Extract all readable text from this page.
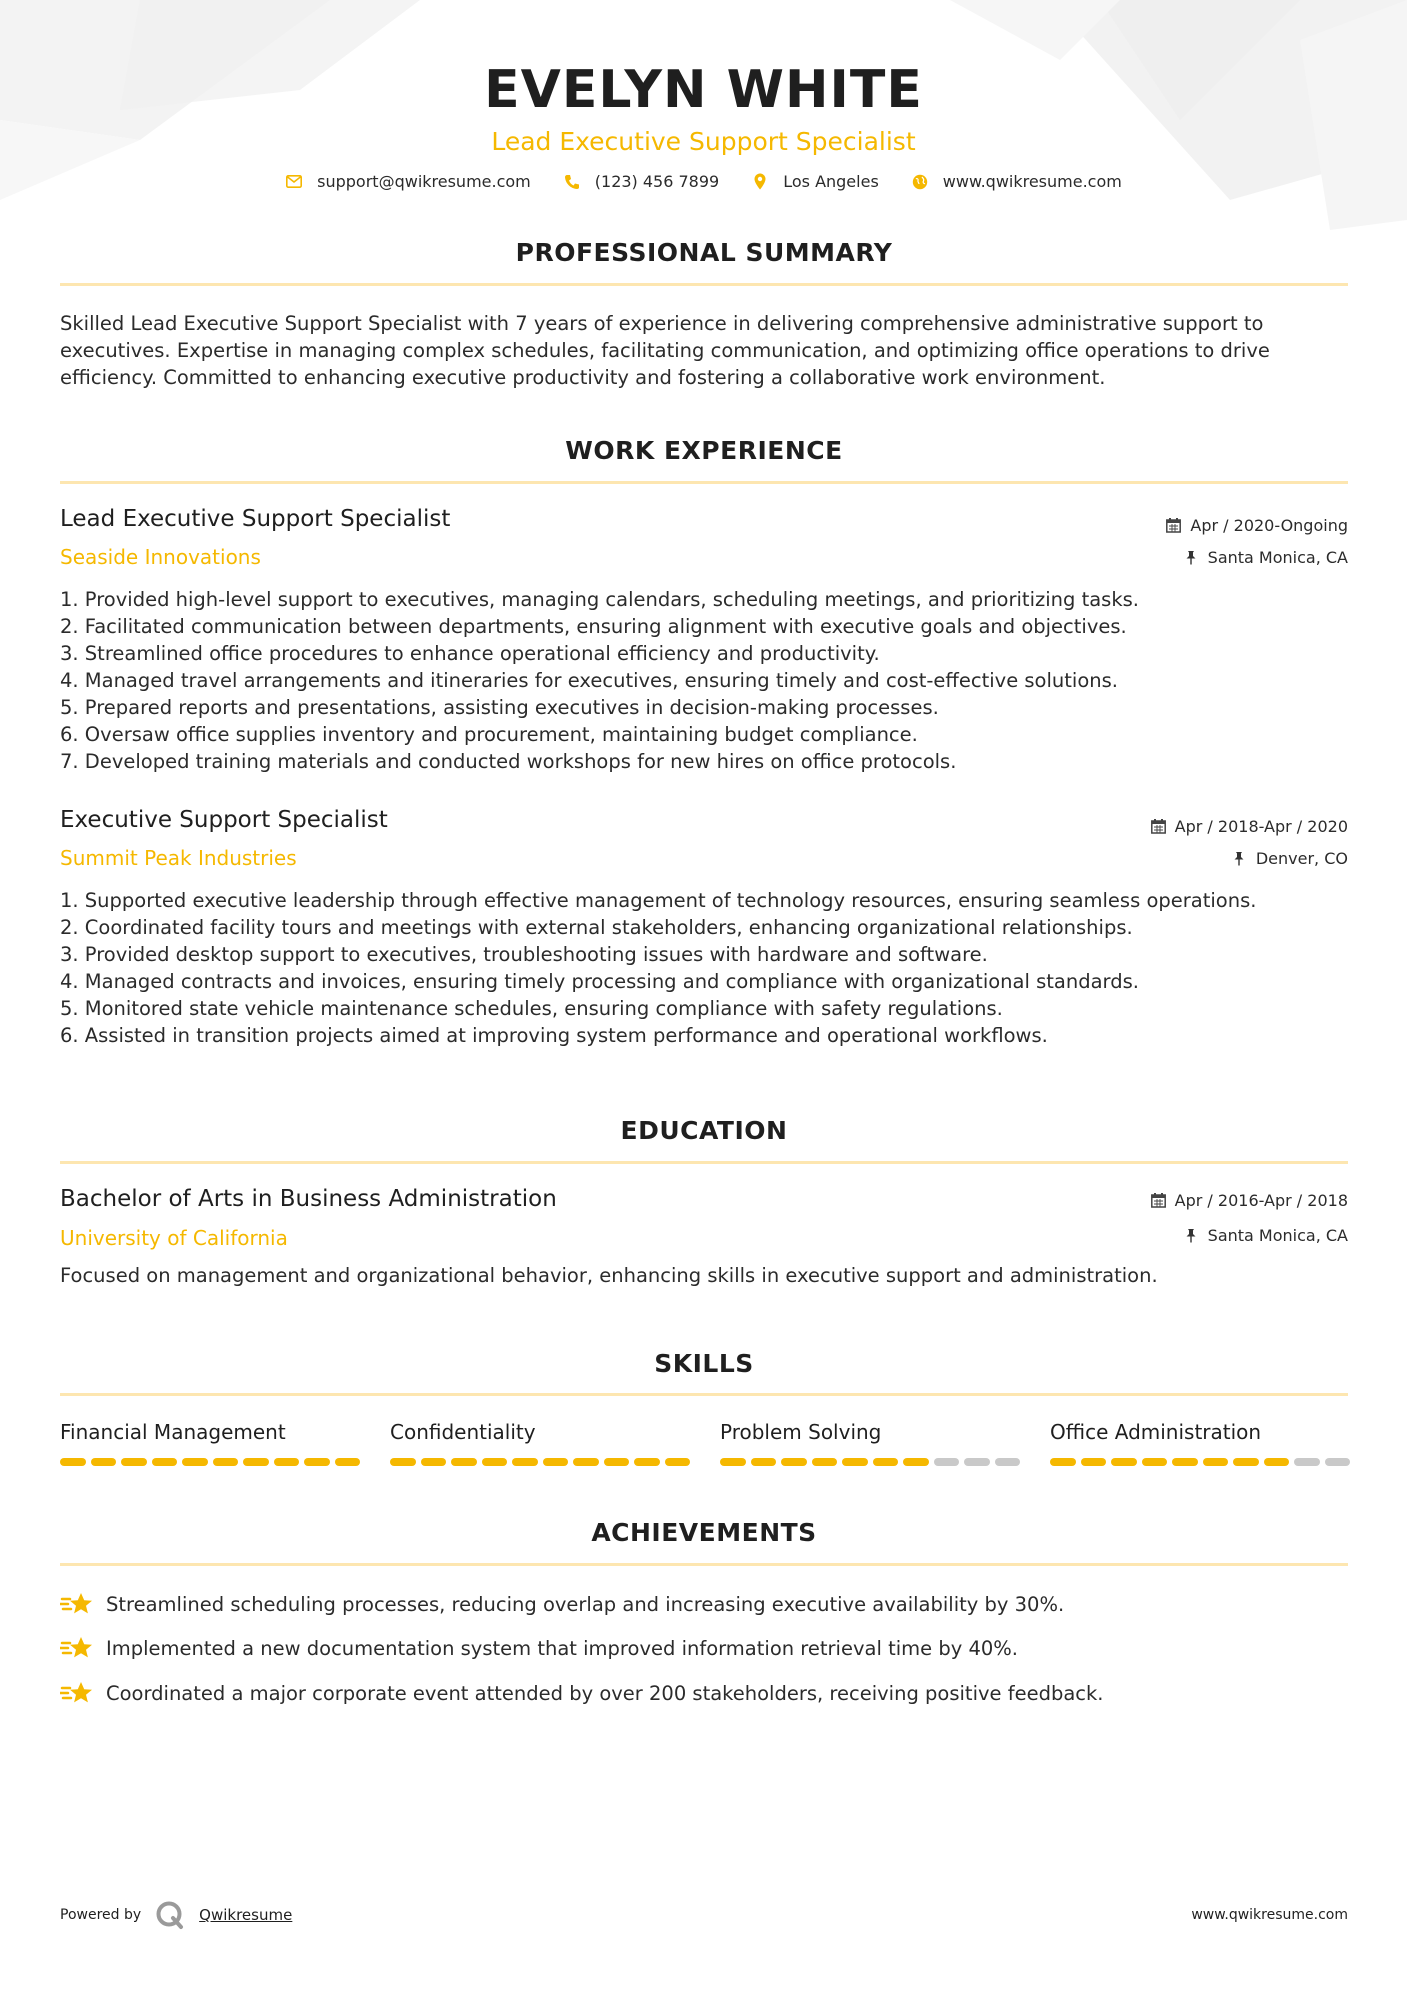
EVELYN WHITE
Lead Executive Support Specialist
support@qwikresume.com	(123) 456 7899	Los Angeles	www.qwikresume.com
PROFESSIONAL SUMMARY
Skilled Lead Executive Support Specialist with 7 years of experience in delivering comprehensive administrative support to executives. Expertise in managing complex schedules, facilitating communication, and optimizing office operations to drive efficiency. Committed to enhancing executive productivity and fostering a collaborative work environment.
WORK EXPERIENCE
Lead Executive Support Specialist
Seaside Innovations
Apr / 2020-Ongoing
Santa Monica, CA
1. Provided high-level support to executives, managing calendars, scheduling meetings, and prioritizing tasks.
2. Facilitated communication between departments, ensuring alignment with executive goals and objectives.
3. Streamlined office procedures to enhance operational efficiency and productivity.
4. Managed travel arrangements and itineraries for executives, ensuring timely and cost-effective solutions.
5. Prepared reports and presentations, assisting executives in decision-making processes.
6. Oversaw office supplies inventory and procurement, maintaining budget compliance.
7. Developed training materials and conducted workshops for new hires on office protocols.
Executive Support Specialist
Summit Peak Industries
Apr / 2018-Apr / 2020
Denver, CO
1. Supported executive leadership through effective management of technology resources, ensuring seamless operations.
2. Coordinated facility tours and meetings with external stakeholders, enhancing organizational relationships.
3. Provided desktop support to executives, troubleshooting issues with hardware and software.
4. Managed contracts and invoices, ensuring timely processing and compliance with organizational standards.
5. Monitored state vehicle maintenance schedules, ensuring compliance with safety regulations.
6. Assisted in transition projects aimed at improving system performance and operational workflows.
EDUCATION
Bachelor of Arts in Business Administration
University of California
Apr / 2016-Apr / 2018
Santa Monica, CA
Focused on management and organizational behavior, enhancing skills in executive support and administration.
SKILLS
Financial Management	Confidentiality	Problem Solving	Office Administration
ACHIEVEMENTS
Streamlined scheduling processes, reducing overlap and increasing executive availability by 30%.
Implemented a new documentation system that improved information retrieval time by 40%.
Coordinated a major corporate event attended by over 200 stakeholders, receiving positive feedback.
Powered by	Qwikresume	www.qwikresume.com
